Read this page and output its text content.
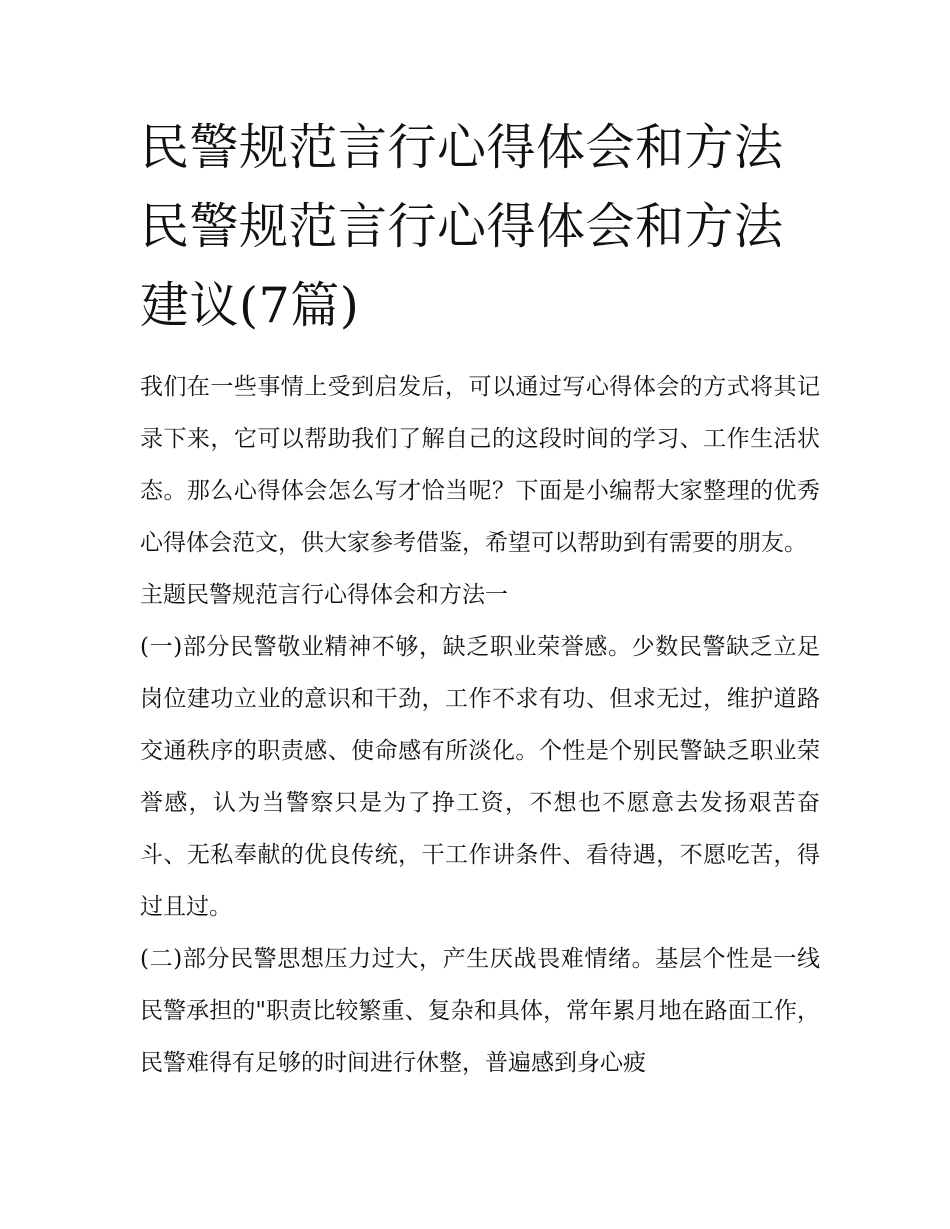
民警规范言行心得体会和方法
民警规范言行心得体会和方法
建议(7篇)

我们在一些事情上受到启发后，可以通过写心得体会的方式将其记录下来，它可以帮助我们了解自己的这段时间的学习、工作生活状态。那么心得体会怎么写才恰当呢？下面是小编帮大家整理的优秀心得体会范文，供大家参考借鉴，希望可以帮助到有需要的朋友。

主题民警规范言行心得体会和方法一

(一)部分民警敬业精神不够，缺乏职业荣誉感。少数民警缺乏立足岗位建功立业的意识和干劲，工作不求有功、但求无过，维护道路交通秩序的职责感、使命感有所淡化。个性是个别民警缺乏职业荣誉感，认为当警察只是为了挣工资，不想也不愿意去发扬艰苦奋斗、无私奉献的优良传统，干工作讲条件、看待遇，不愿吃苦，得过且过。

(二)部分民警思想压力过大，产生厌战畏难情绪。基层个性是一线民警承担的"职责比较繁重、复杂和具体，常年累月地在路面工作，民警难得有足够的时间进行休整，普遍感到身心疲
